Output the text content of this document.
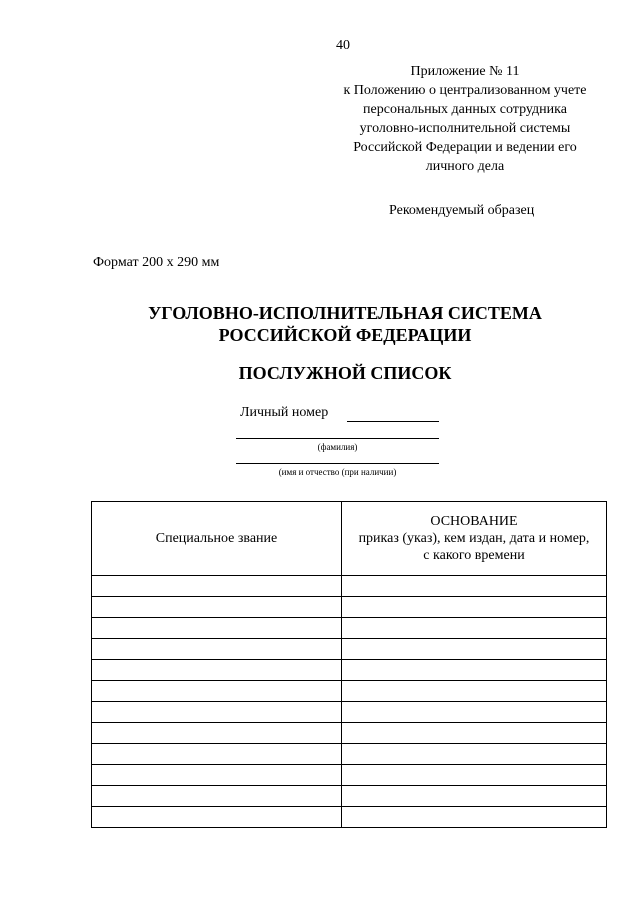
40
Приложение № 11
к Положению о централизованном учете
персональных данных сотрудника
уголовно-исполнительной системы
Российской Федерации и ведении его
личного дела
Рекомендуемый образец
Формат 200 х 290 мм
УГОЛОВНО-ИСПОЛНИТЕЛЬНАЯ СИСТЕМА
РОССИЙСКОЙ ФЕДЕРАЦИИ
ПОСЛУЖНОЙ СПИСОК
Личный номер
(фамилия)
(имя и отчество (при наличии)
Специальное звание	ОСНОВАНИЕ
приказ (указ), кем издан, дата и номер,
с какого времени
